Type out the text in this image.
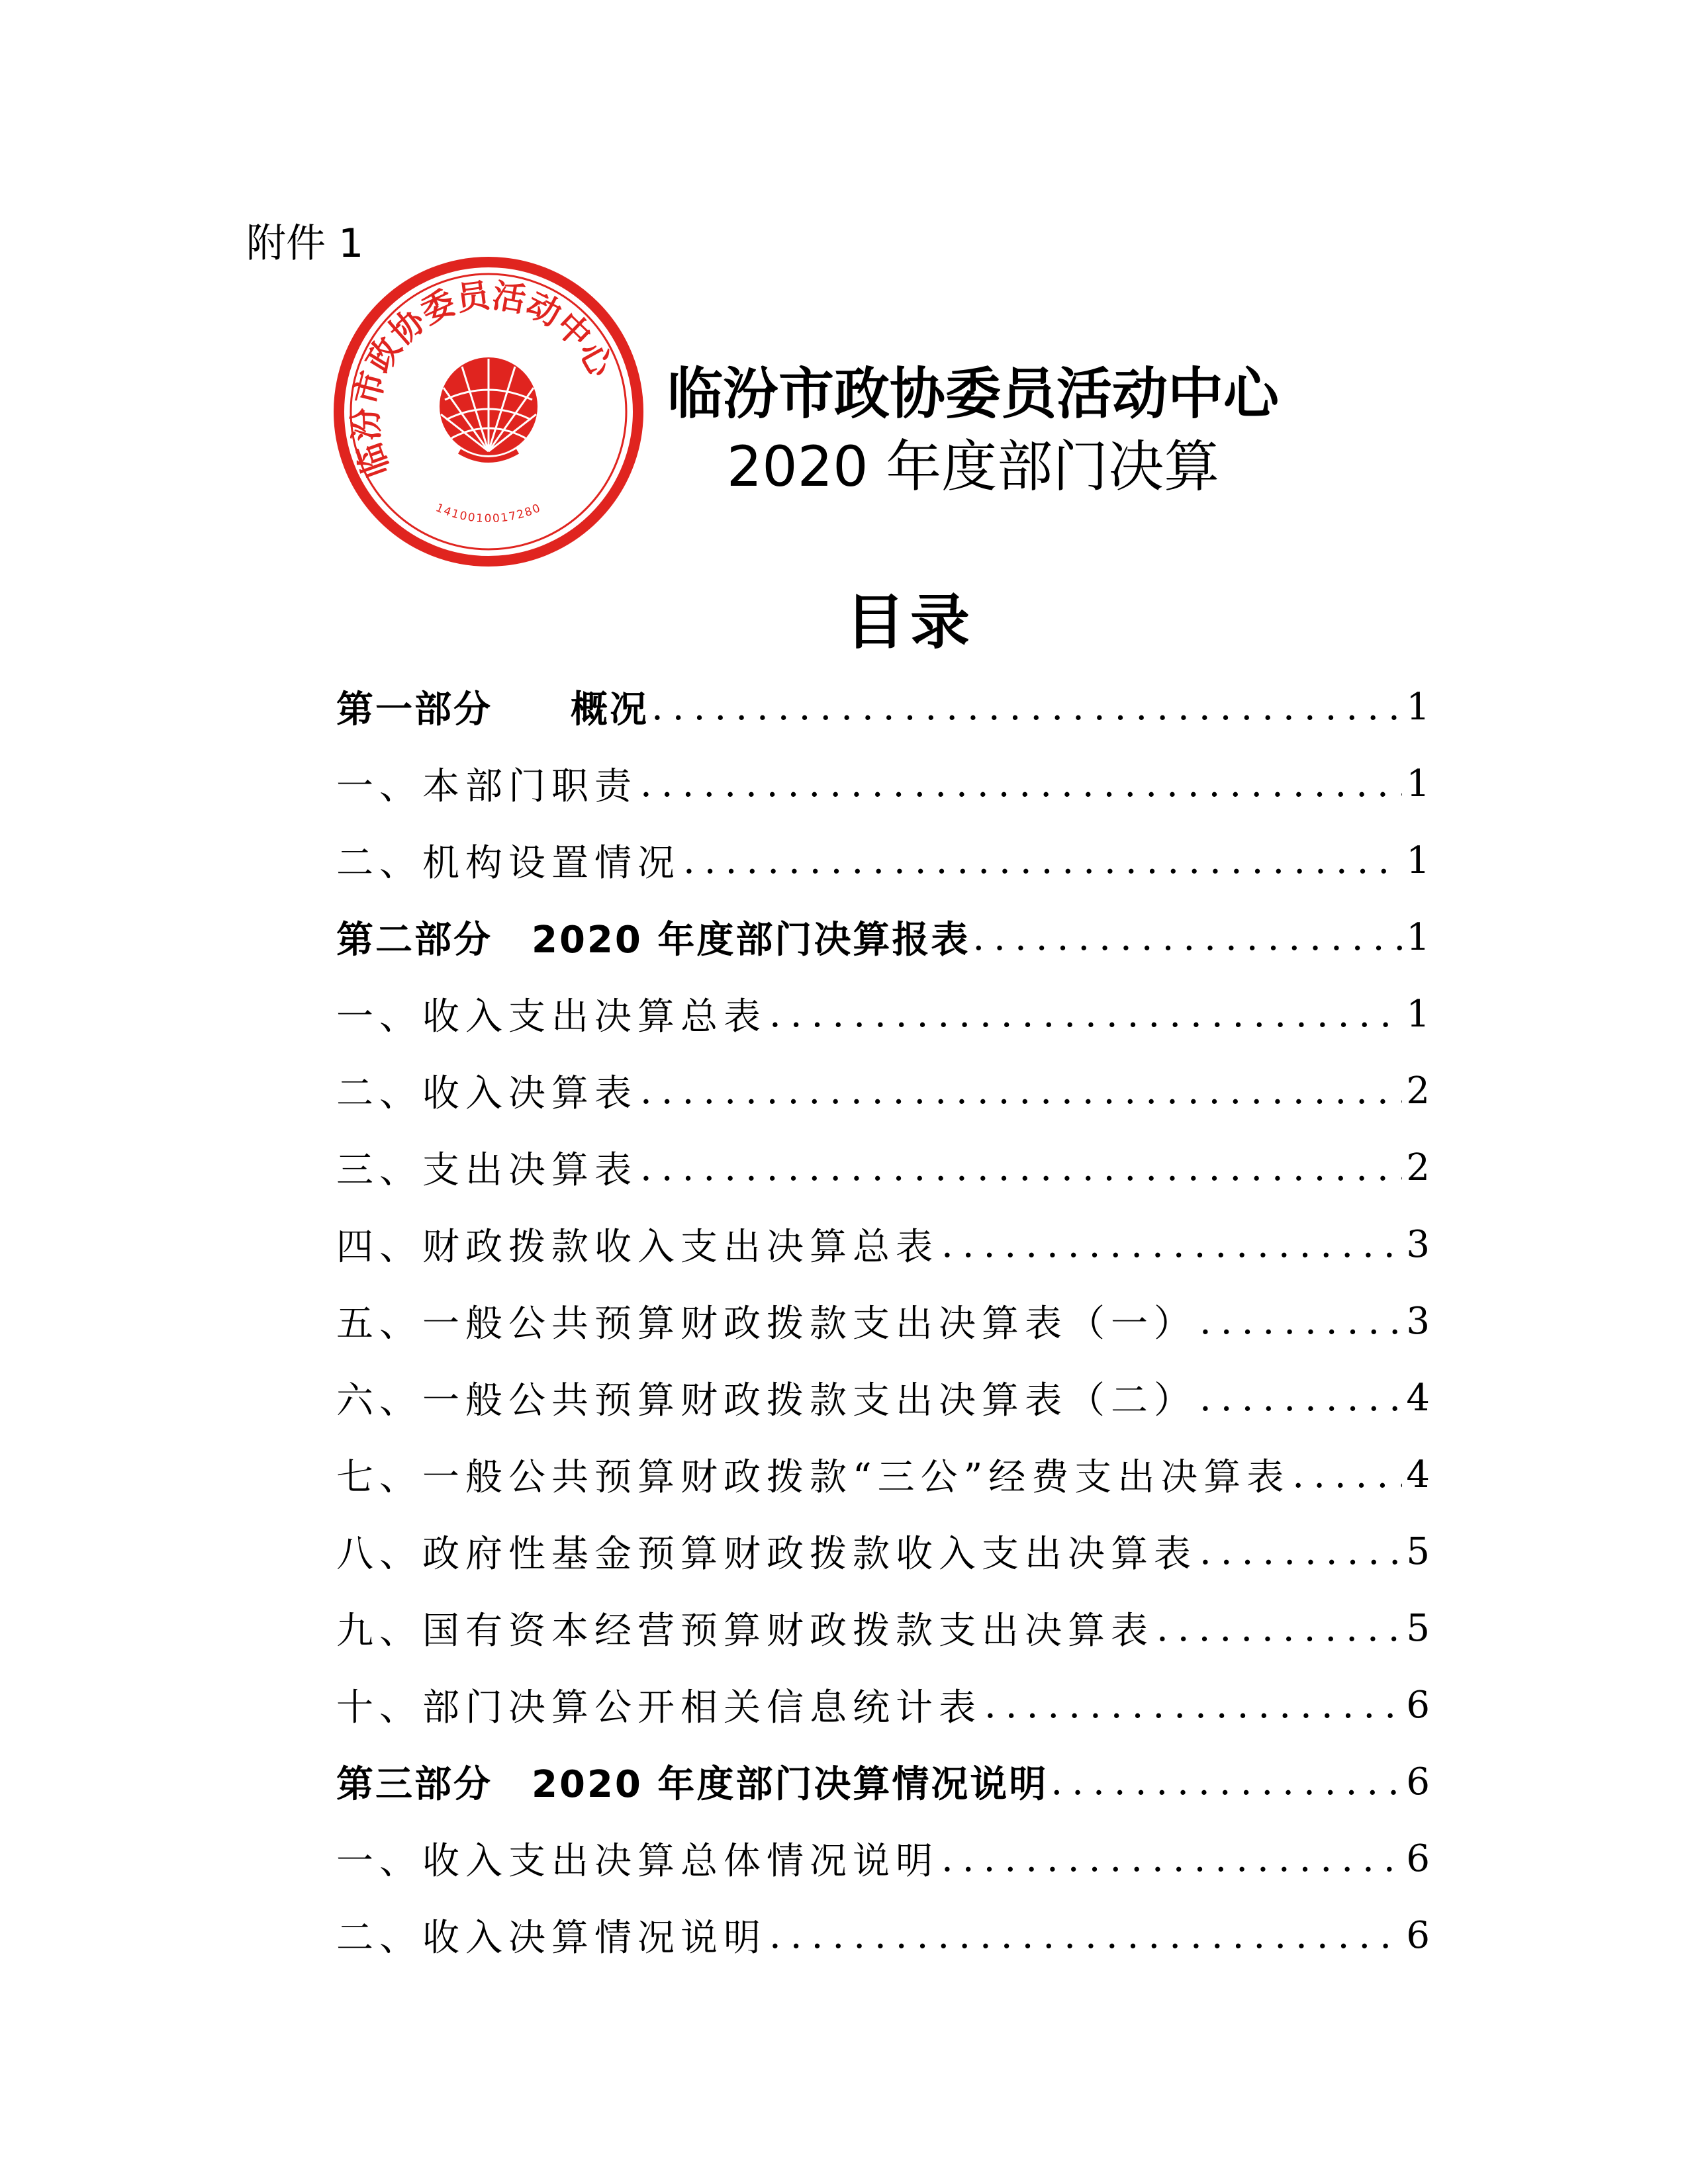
附件 1
临汾市政协委员活动中心
1410010017280
临汾市政协委员活动中心
2020 年度部门决算
目录
第一部分　　概况 .....	1
一、本部门职责 .....	1
二、机构设置情况 .....	1
第二部分　2020 年度部门决算报表 .....	1
一、收入支出决算总表 .....	1
二、收入决算表 .....	2
三、支出决算表 .....	2
四、财政拨款收入支出决算总表 .....	3
五、一般公共预算财政拨款支出决算表（一） .....	3
六、一般公共预算财政拨款支出决算表（二） .....	4
七、一般公共预算财政拨款“三公”经费支出决算表 .....	4
八、政府性基金预算财政拨款收入支出决算表 .....	5
九、国有资本经营预算财政拨款支出决算表 .....	5
十、部门决算公开相关信息统计表 .....	6
第三部分　2020 年度部门决算情况说明 .....	6
一、收入支出决算总体情况说明 .....	6
二、收入决算情况说明 .....	6
